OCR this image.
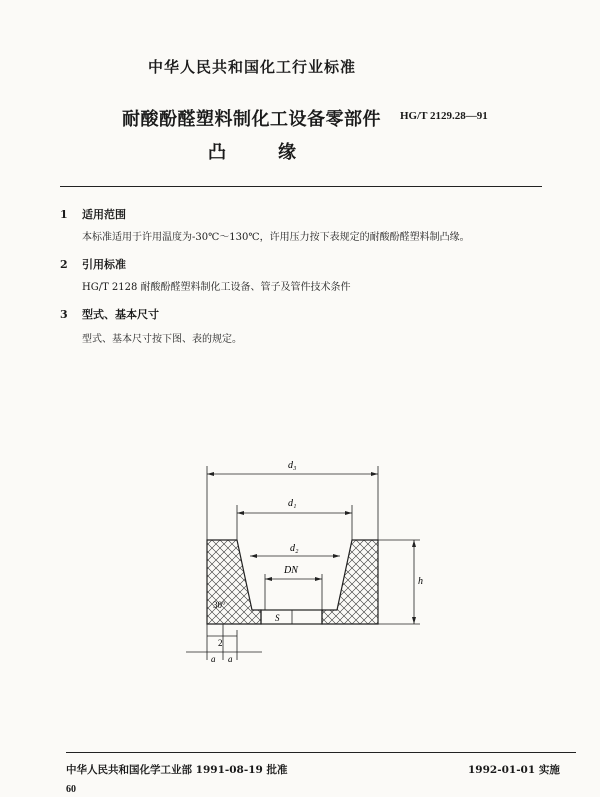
中华人民共和国化工行业标准
耐酸酚醛塑料制化工设备零部件 HG/T 2129.28—91
凸缘
1 适用范围
本标准适用于许用温度为-30℃～130℃，许用压力按下表规定的耐酸酚醛塑料制凸缘。
2 引用标准
HG/T 2128 耐酸酚醛塑料制化工设备、管子及管件技术条件
3 型式、基本尺寸
型式、基本尺寸按下图、表的规定。
d₃
d₁
d₂
DN
h
S
30°
2
a a
中华人民共和国化学工业部 1991-08-19 批准	1992-01-01 实施
60
